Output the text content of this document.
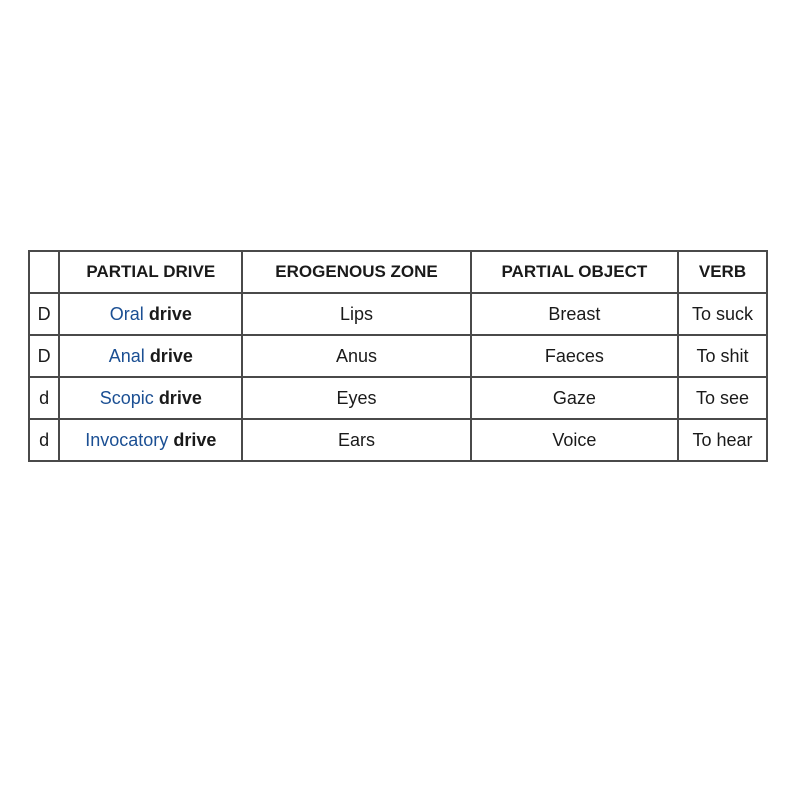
	PARTIAL DRIVE	EROGENOUS ZONE	PARTIAL OBJECT	VERB
D	Oral drive	Lips	Breast	To suck
D	Anal drive	Anus	Faeces	To shit
d	Scopic drive	Eyes	Gaze	To see
d	Invocatory drive	Ears	Voice	To hear
